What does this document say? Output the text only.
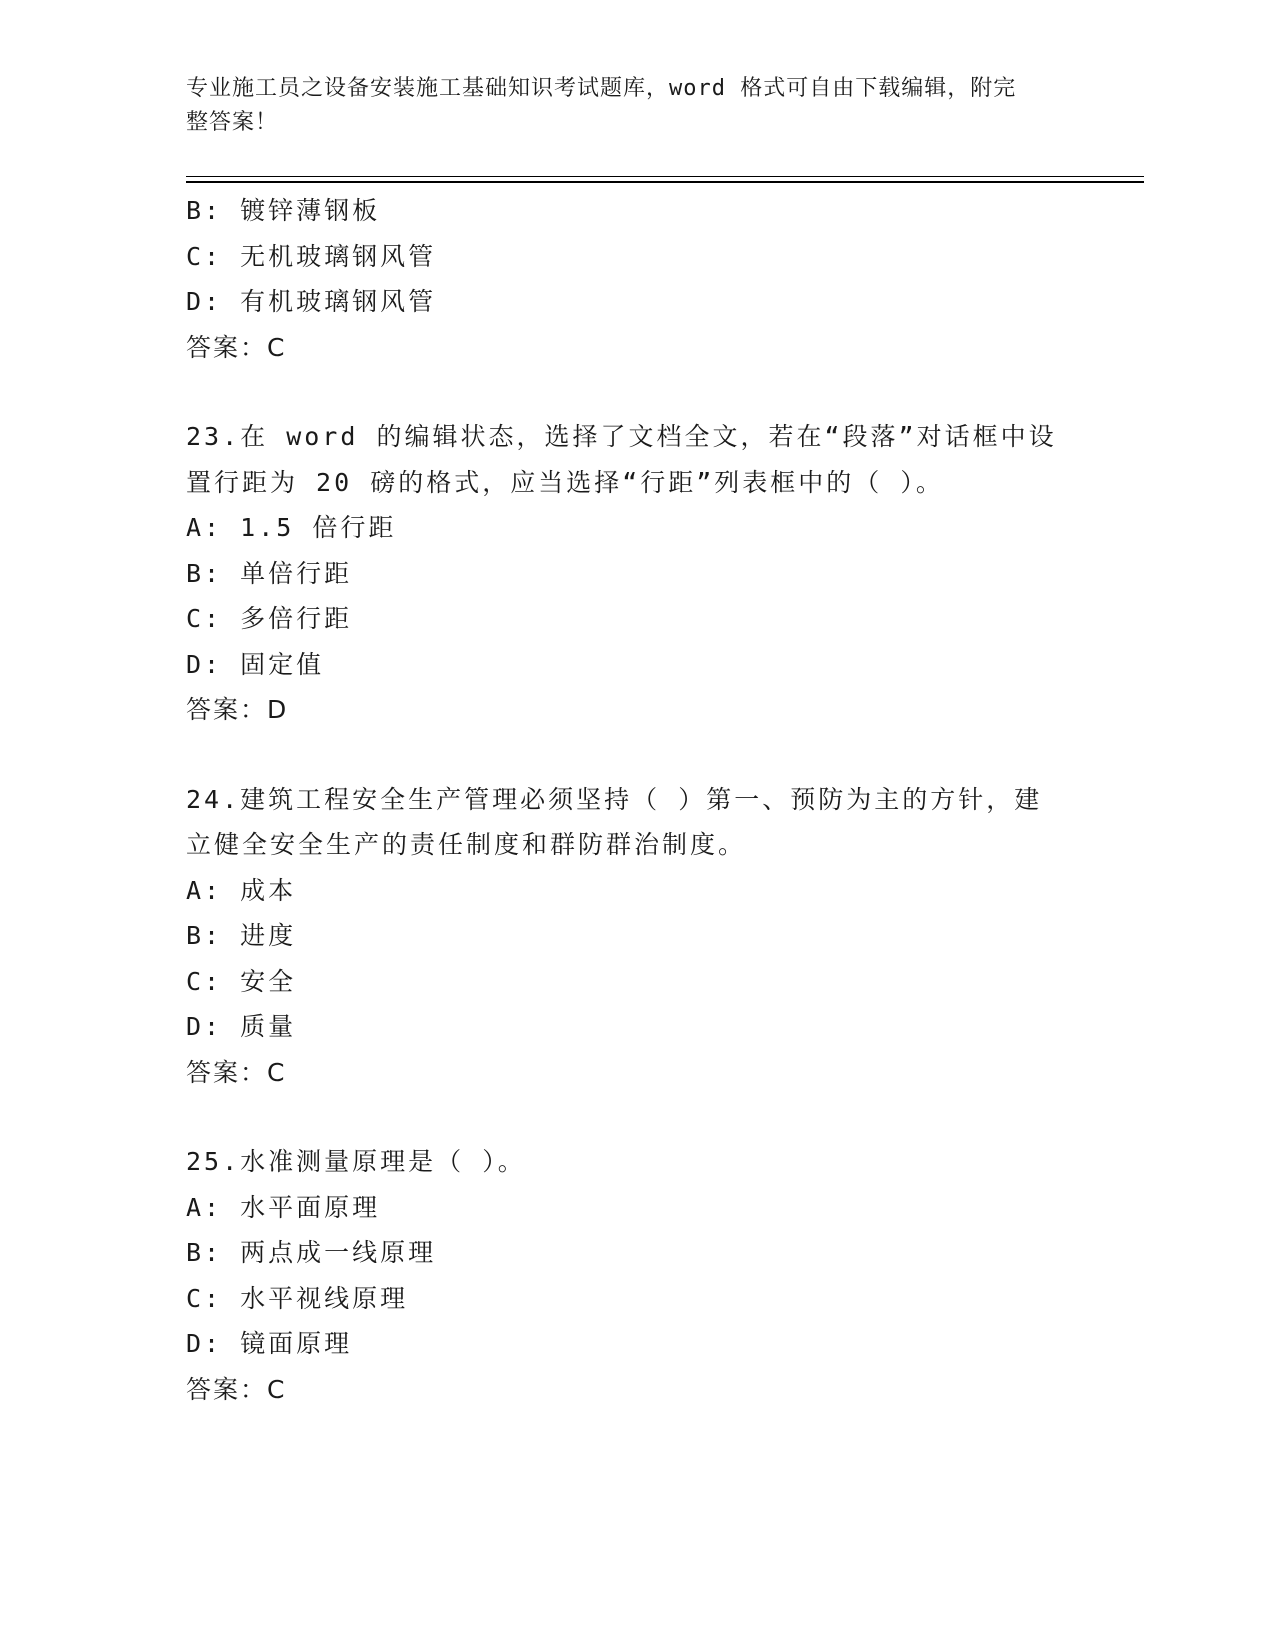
专业施工员之设备安装施工基础知识考试题库，word 格式可自由下载编辑，附完
整答案！
B: 镀锌薄钢板
C: 无机玻璃钢风管
D: 有机玻璃钢风管
答案：C
23.在 word 的编辑状态，选择了文档全文，若在“段落”对话框中设
置行距为 20 磅的格式，应当选择“行距”列表框中的（ ）。
A: 1.5 倍行距
B: 单倍行距
C: 多倍行距
D: 固定值
答案：D
24.建筑工程安全生产管理必须坚持（ ）第一、预防为主的方针，建
立健全安全生产的责任制度和群防群治制度。
A: 成本
B: 进度
C: 安全
D: 质量
答案：C
25.水准测量原理是（ ）。
A: 水平面原理
B: 两点成一线原理
C: 水平视线原理
D: 镜面原理
答案：C
